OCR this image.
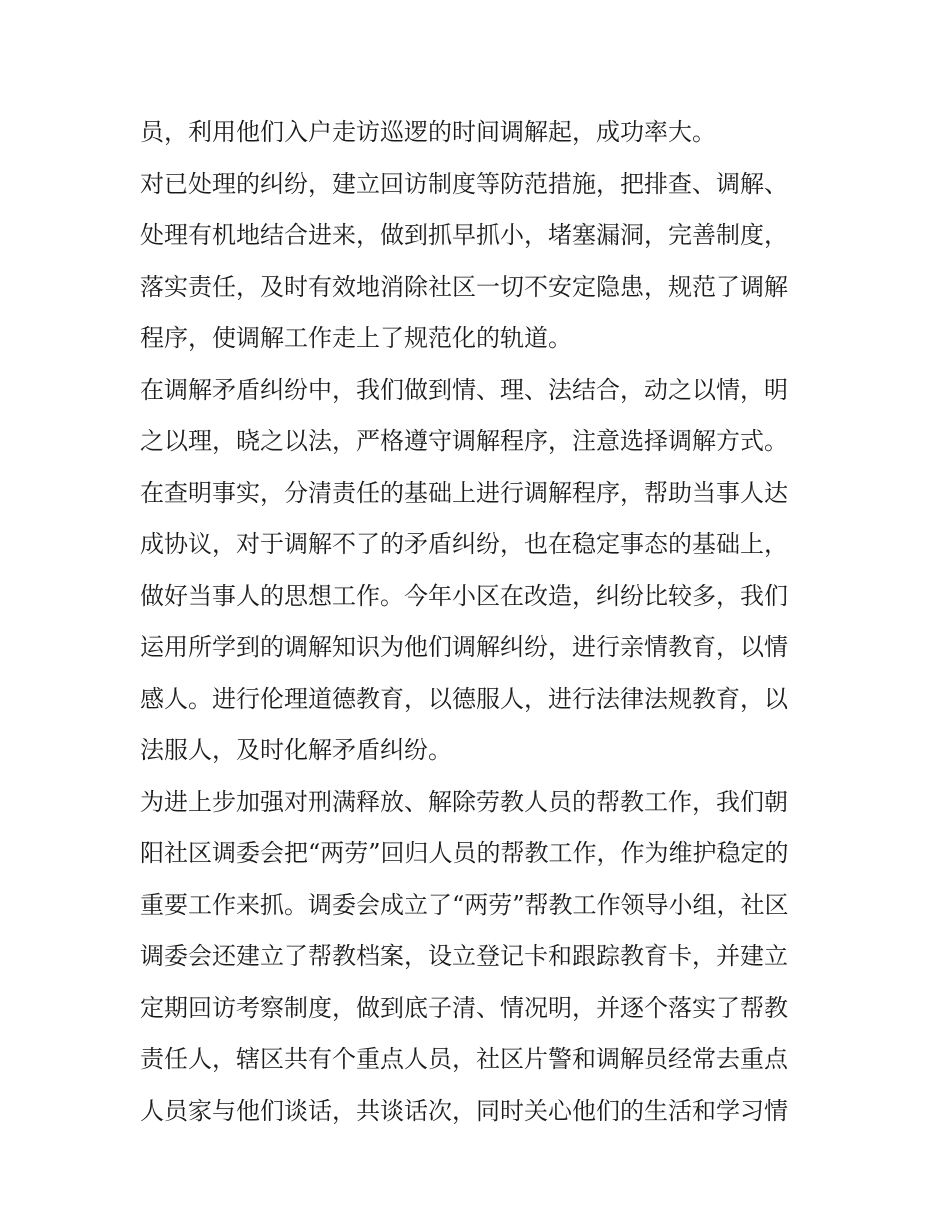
员，利用他们入户走访巡逻的时间调解起，成功率大。
对已处理的纠纷，建立回访制度等防范措施，把排查、调解、
处理有机地结合进来，做到抓早抓小，堵塞漏洞，完善制度，
落实责任，及时有效地消除社区一切不安定隐患，规范了调解
程序，使调解工作走上了规范化的轨道。
在调解矛盾纠纷中，我们做到情、理、法结合，动之以情，明
之以理，晓之以法，严格遵守调解程序，注意选择调解方式。
在查明事实，分清责任的基础上进行调解程序，帮助当事人达
成协议，对于调解不了的矛盾纠纷，也在稳定事态的基础上，
做好当事人的思想工作。今年小区在改造，纠纷比较多，我们
运用所学到的调解知识为他们调解纠纷，进行亲情教育，以情
感人。进行伦理道德教育，以德服人，进行法律法规教育，以
法服人，及时化解矛盾纠纷。
为进上步加强对刑满释放、解除劳教人员的帮教工作，我们朝
阳社区调委会把“两劳”回归人员的帮教工作，作为维护稳定的
重要工作来抓。调委会成立了“两劳”帮教工作领导小组，社区
调委会还建立了帮教档案，设立登记卡和跟踪教育卡，并建立
定期回访考察制度，做到底子清、情况明，并逐个落实了帮教
责任人，辖区共有个重点人员，社区片警和调解员经常去重点
人员家与他们谈话，共谈话次，同时关心他们的生活和学习情
